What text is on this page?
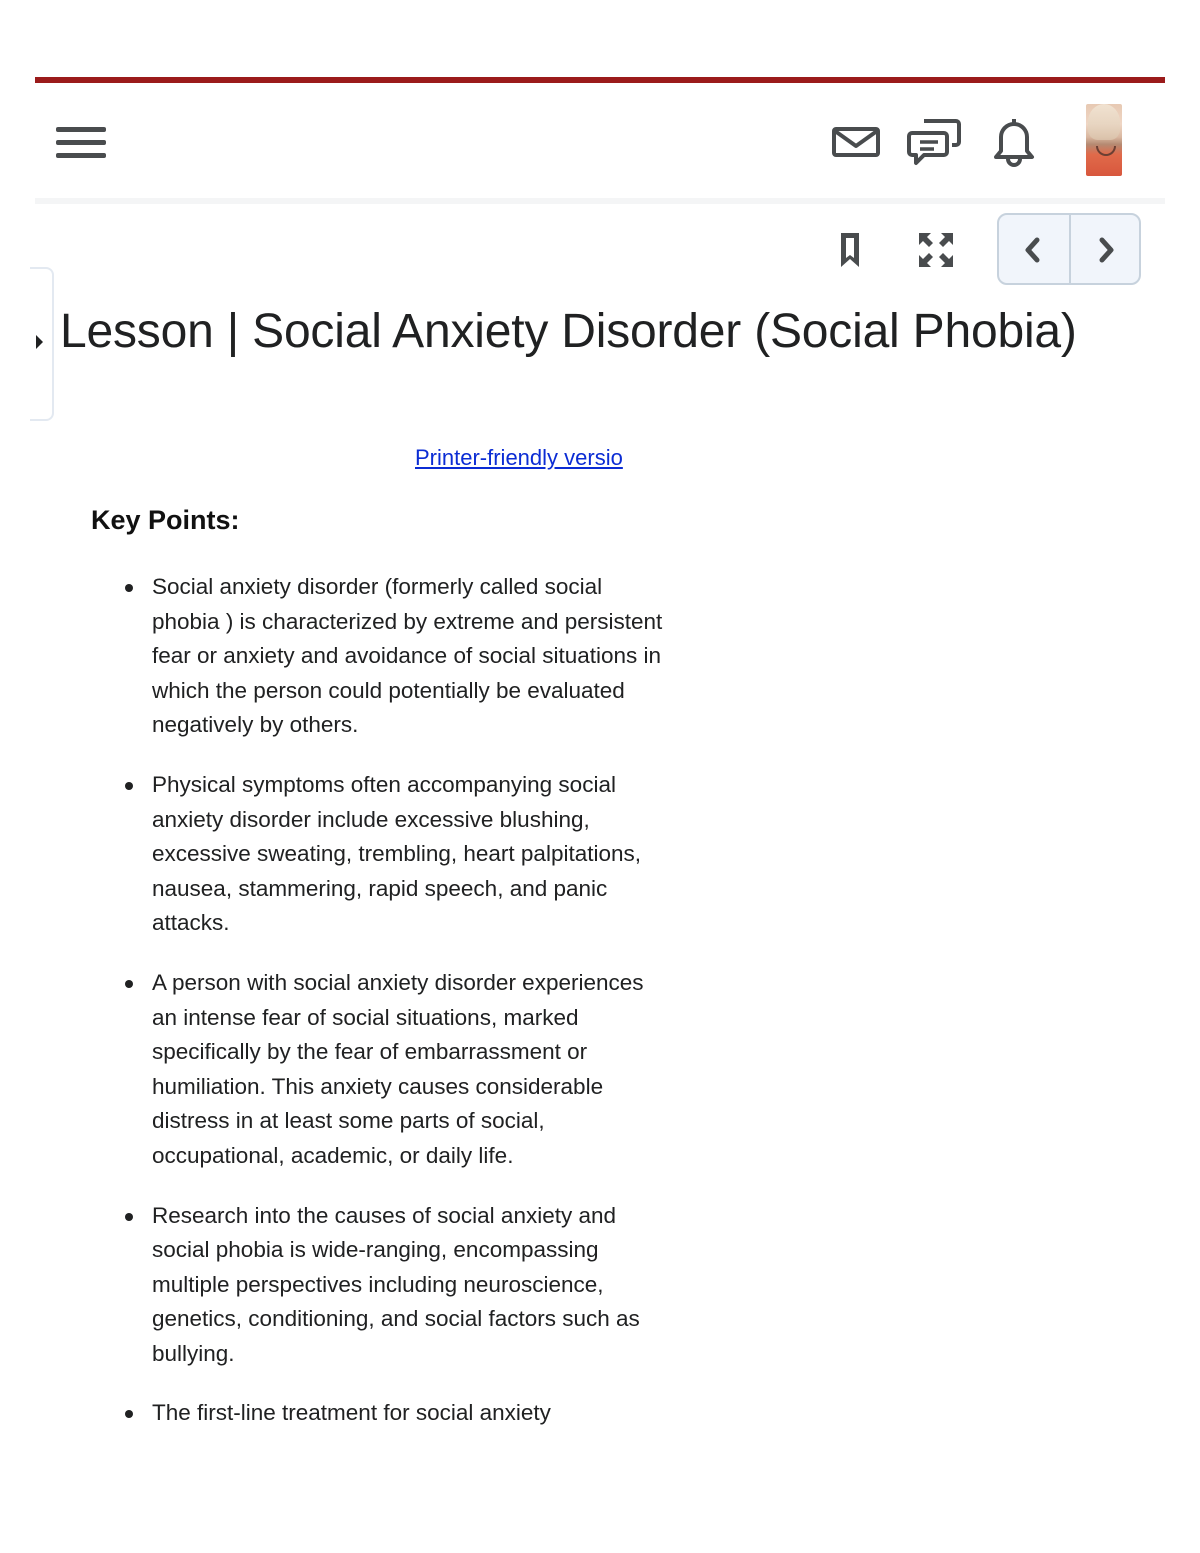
Lesson | Social Anxiety Disorder (Social Phobia)
Printer-friendly versio
Key Points:
Social anxiety disorder (formerly called social phobia ) is characterized by extreme and persistent fear or anxiety and avoidance of social situations in which the person could potentially be evaluated negatively by others.
Physical symptoms often accompanying social anxiety disorder include excessive blushing, excessive sweating, trembling, heart palpitations, nausea, stammering, rapid speech, and panic attacks.
A person with social anxiety disorder experiences an intense fear of social situations, marked specifically by the fear of embarrassment or humiliation. This anxiety causes considerable distress in at least some parts of social, occupational, academic, or daily life.
Research into the causes of social anxiety and social phobia is wide-ranging, encompassing multiple perspectives including neuroscience, genetics, conditioning, and social factors such as bullying.
The first-line treatment for social anxiety
